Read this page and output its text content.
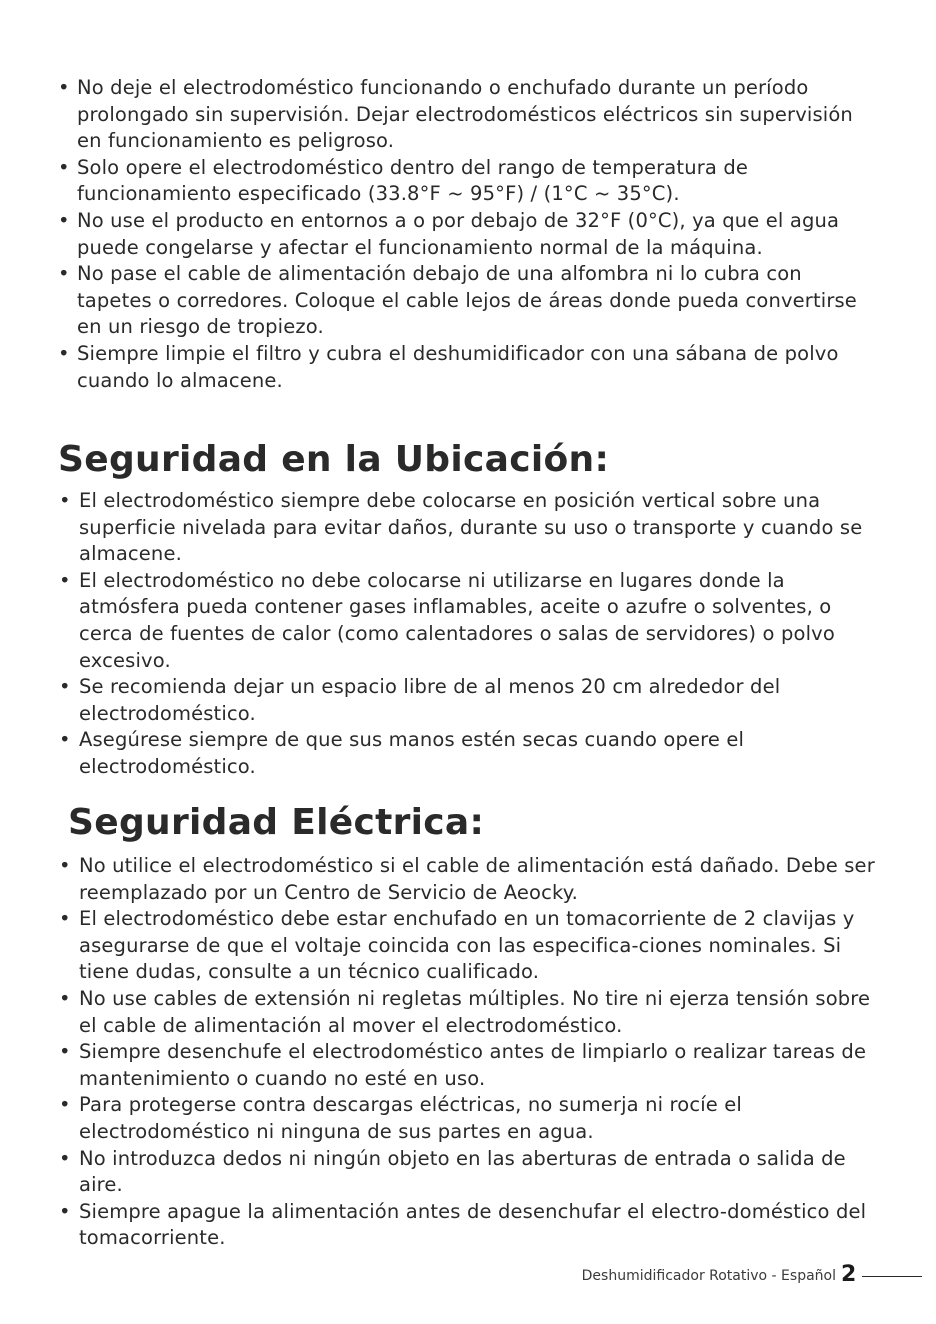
• No deje el electrodoméstico funcionando o enchufado durante un período prolongado sin supervisión. Dejar electrodomésticos eléctricos sin supervisión en funcionamiento es peligroso.
• Solo opere el electrodoméstico dentro del rango de temperatura de funcionamiento especificado (33.8°F ~ 95°F) / (1°C ~ 35°C).
• No use el producto en entornos a o por debajo de 32°F (0°C), ya que el agua puede congelarse y afectar el funcionamiento normal de la máquina.
• No pase el cable de alimentación debajo de una alfombra ni lo cubra con tapetes o corredores. Coloque el cable lejos de áreas donde pueda convertirse en un riesgo de tropiezo.
• Siempre limpie el filtro y cubra el deshumidificador con una sábana de polvo cuando lo almacene.
Seguridad en la Ubicación:
• El electrodoméstico siempre debe colocarse en posición vertical sobre una superficie nivelada para evitar daños, durante su uso o transporte y cuando se almacene.
• El electrodoméstico no debe colocarse ni utilizarse en lugares donde la atmósfera pueda contener gases inflamables, aceite o azufre o solventes, o cerca de fuentes de calor (como calentadores o salas de servidores) o polvo excesivo.
• Se recomienda dejar un espacio libre de al menos 20 cm alrededor del electrodoméstico.
• Asegúrese siempre de que sus manos estén secas cuando opere el electrodoméstico.
Seguridad Eléctrica:
• No utilice el electrodoméstico si el cable de alimentación está dañado. Debe ser reemplazado por un Centro de Servicio de Aeocky.
• El electrodoméstico debe estar enchufado en un tomacorriente de 2 clavijas y asegurarse de que el voltaje coincida con las especifica-ciones nominales. Si tiene dudas, consulte a un técnico cualificado.
• No use cables de extensión ni regletas múltiples. No tire ni ejerza tensión sobre el cable de alimentación al mover el electrodoméstico.
• Siempre desenchufe el electrodoméstico antes de limpiarlo o realizar tareas de mantenimiento o cuando no esté en uso.
• Para protegerse contra descargas eléctricas, no sumerja ni rocíe el electrodoméstico ni ninguna de sus partes en agua.
• No introduzca dedos ni ningún objeto en las aberturas de entrada o salida de aire.
• Siempre apague la alimentación antes de desenchufar el electro-doméstico del tomacorriente.
Deshumidificador Rotativo - Español 2
